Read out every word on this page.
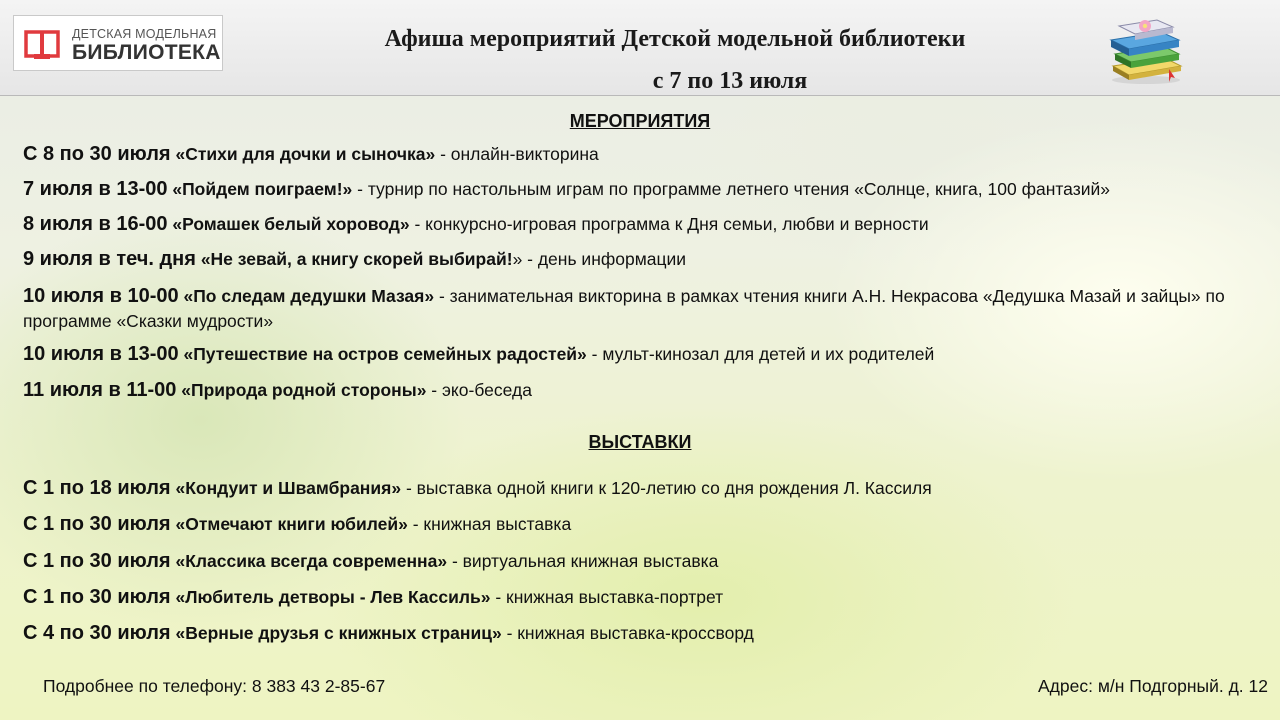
ДЕТСКАЯ МОДЕЛЬНАЯ
БИБЛИОТЕКА
Афиша мероприятий Детской модельной библиотеки
с 7 по 13 июля
МЕРОПРИЯТИЯ
С 8 по 30 июля «Стихи для дочки и сыночка» - онлайн-викторина
7 июля в 13-00 «Пойдем поиграем!» - турнир по настольным играм по программе летнего чтения «Солнце, книга, 100 фантазий»
8 июля в 16-00 «Ромашек белый хоровод» - конкурсно-игровая программа к Дня семьи, любви и верности
9 июля в теч. дня «Не зевай, а книгу скорей выбирай!» - день информации
10 июля в 10-00 «По следам дедушки Мазая» - занимательная викторина в рамках чтения книги А.Н. Некрасова «Дедушка Мазай и зайцы» по программе «Сказки мудрости»
10 июля в 13-00 «Путешествие на остров семейных радостей» - мульт-кинозал для детей и их родителей
11 июля в 11-00 «Природа родной стороны» - эко-беседа
ВЫСТАВКИ
С 1 по 18 июля «Кондуит и Швамбрания» - выставка одной книги к 120-летию со дня рождения Л. Кассиля
С 1 по 30 июля «Отмечают книги юбилей» - книжная выставка
С 1 по 30 июля «Классика всегда современна» - виртуальная книжная выставка
С 1 по 30 июля «Любитель детворы - Лев Кассиль» - книжная выставка-портрет
С 4 по 30 июля «Верные друзья с книжных страниц» - книжная выставка-кроссворд
Подробнее по телефону: 8 383 43 2-85-67	Адрес: м/н Подгорный. д. 12
